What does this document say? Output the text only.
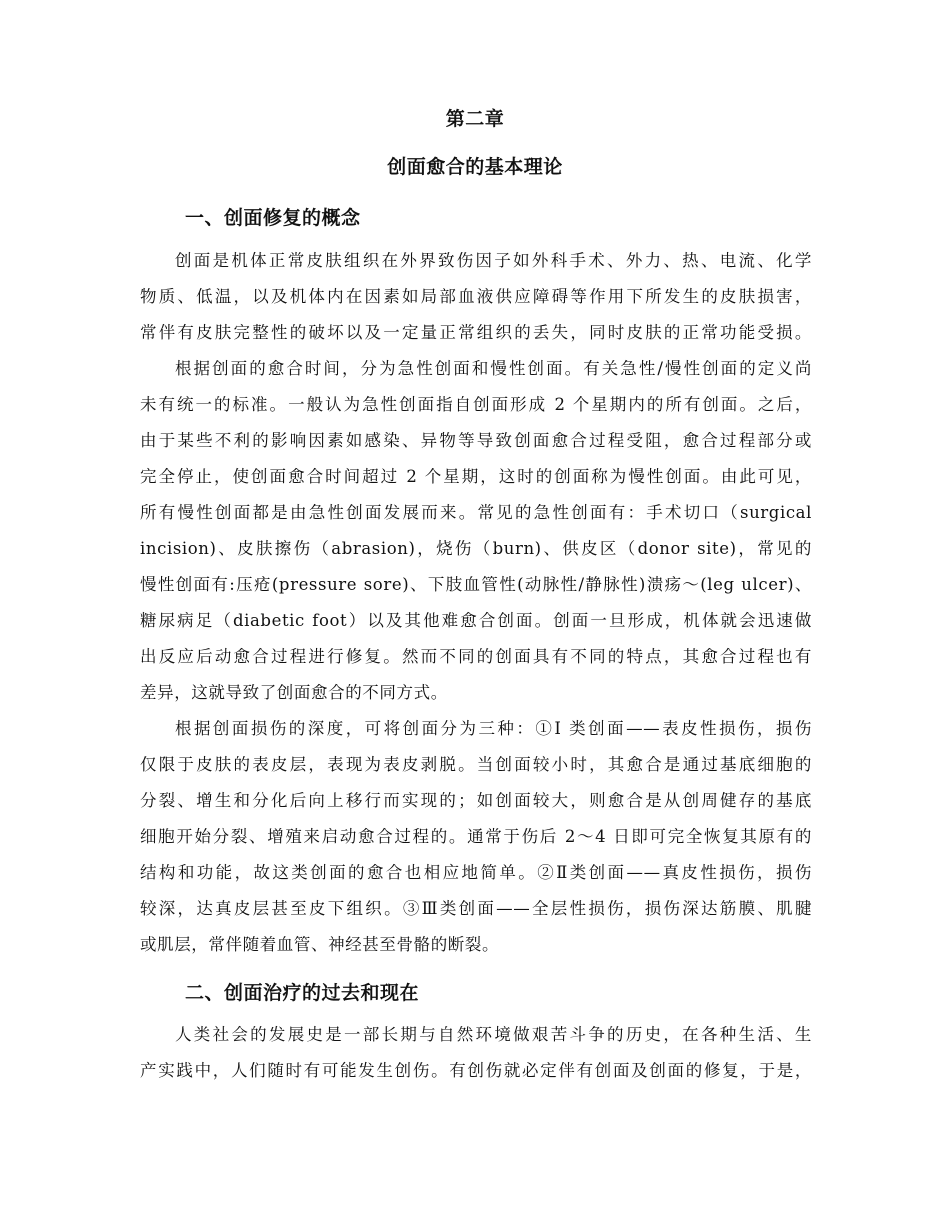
第二章
创面愈合的基本理论
一、创面修复的概念
创面是机体正常皮肤组织在外界致伤因子如外科手术、外力、热、电流、化学
物质、低温，以及机体内在因素如局部血液供应障碍等作用下所发生的皮肤损害，
常伴有皮肤完整性的破坏以及一定量正常组织的丢失，同时皮肤的正常功能受损。
根据创面的愈合时间，分为急性创面和慢性创面。有关急性/慢性创面的定义尚
未有统一的标准。一般认为急性创面指自创面形成 2 个星期内的所有创面。之后，
由于某些不利的影响因素如感染、异物等导致创面愈合过程受阻，愈合过程部分或
完全停止，使创面愈合时间超过 2 个星期，这时的创面称为慢性创面。由此可见，
所有慢性创面都是由急性创面发展而来。常见的急性创面有：手术切口（surgical
incision)、皮肤擦伤（abrasion)，烧伤（burn)、供皮区（donor site)，常见的
慢性创面有:压疮(pressure sore)、下肢血管性(动脉性/静脉性)溃疡～(leg ulcer)、
糖尿病足（diabetic foot）以及其他难愈合创面。创面一旦形成，机体就会迅速做
出反应后动愈合过程进行修复。然而不同的创面具有不同的特点，其愈合过程也有
差异，这就导致了创面愈合的不同方式。
根据创面损伤的深度，可将创面分为三种：①I 类创面——表皮性损伤，损伤
仅限于皮肤的表皮层，表现为表皮剥脱。当创面较小时，其愈合是通过基底细胞的
分裂、增生和分化后向上移行而实现的；如创面较大，则愈合是从创周健存的基底
细胞开始分裂、增殖来启动愈合过程的。通常于伤后 2～4 日即可完全恢复其原有的
结构和功能，故这类创面的愈合也相应地简单。②Ⅱ类创面——真皮性损伤，损伤
较深，达真皮层甚至皮下组织。③Ⅲ类创面——全层性损伤，损伤深达筋膜、肌腱
或肌层，常伴随着血管、神经甚至骨骼的断裂。
二、创面治疗的过去和现在
人类社会的发展史是一部长期与自然环境做艰苦斗争的历史，在各种生活、生
产实践中，人们随时有可能发生创伤。有创伤就必定伴有创面及创面的修复，于是，
